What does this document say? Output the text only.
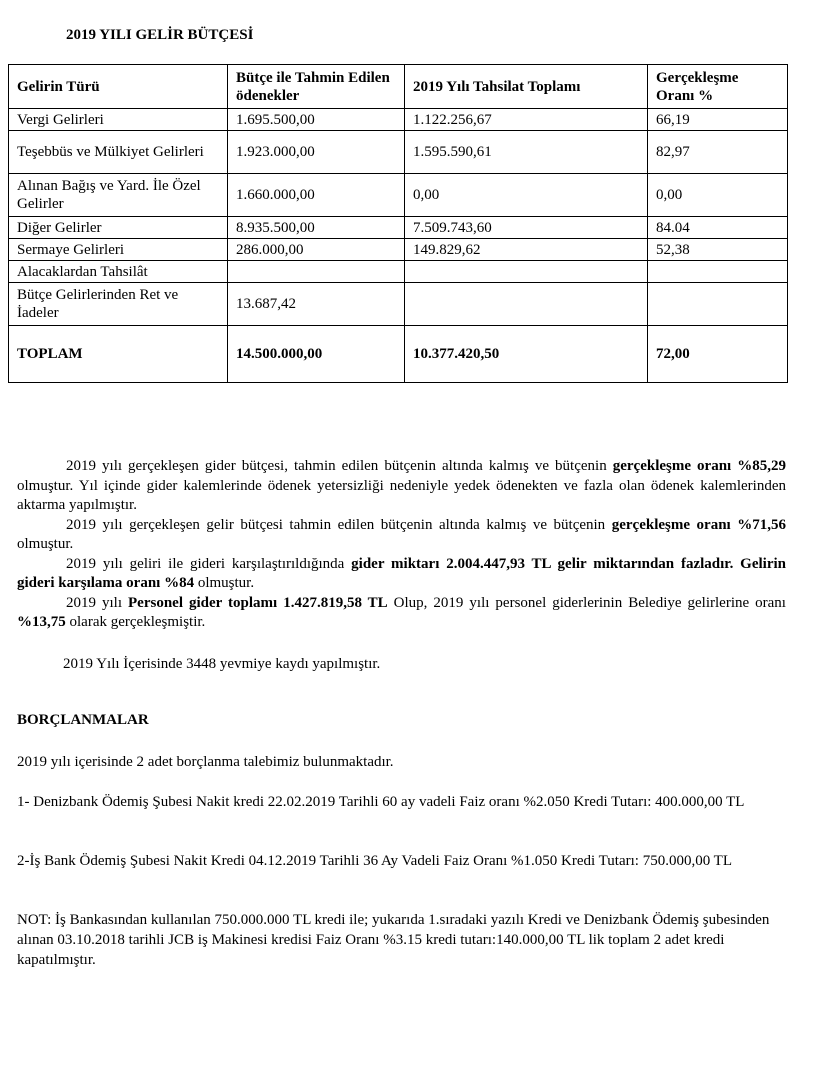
2019 YILI GELİR BÜTÇESİ
Gelirin Türü	Bütçe ile Tahmin Edilen ödenekler	2019 Yılı Tahsilat Toplamı	Gerçekleşme Oranı %
Vergi Gelirleri	1.695.500,00	1.122.256,67	66,19
Teşebbüs ve Mülkiyet Gelirleri	1.923.000,00	1.595.590,61	82,97
Alınan Bağış ve Yard. İle Özel Gelirler	1.660.000,00	0,00	0,00
Diğer Gelirler	8.935.500,00	7.509.743,60	84.04
Sermaye Gelirleri	286.000,00	149.829,62	52,38
Alacaklardan Tahsilât			
Bütçe Gelirlerinden Ret ve İadeler	13.687,42		
TOPLAM	14.500.000,00	10.377.420,50	72,00
2019 yılı gerçekleşen gider bütçesi, tahmin edilen bütçenin altında kalmış ve bütçenin gerçekleşme oranı %85,29 olmuştur. Yıl içinde gider kalemlerinde ödenek yetersizliği nedeniyle yedek ödenekten ve fazla olan ödenek kalemlerinden aktarma yapılmıştır.
2019 yılı gerçekleşen gelir bütçesi tahmin edilen bütçenin altında kalmış ve bütçenin gerçekleşme oranı %71,56 olmuştur.
2019 yılı geliri ile gideri karşılaştırıldığında gider miktarı 2.004.447,93 TL gelir miktarından fazladır. Gelirin gideri karşılama oranı %84 olmuştur.
2019 yılı Personel gider toplamı 1.427.819,58 TL Olup, 2019 yılı personel giderlerinin Belediye gelirlerine oranı %13,75 olarak gerçekleşmiştir.
2019 Yılı İçerisinde 3448 yevmiye kaydı yapılmıştır.
BORÇLANMALAR
2019 yılı içerisinde 2 adet borçlanma talebimiz bulunmaktadır.
1- Denizbank Ödemiş Şubesi Nakit kredi 22.02.2019 Tarihli 60 ay vadeli Faiz oranı %2.050 Kredi Tutarı: 400.000,00 TL
2-İş Bank Ödemiş Şubesi Nakit Kredi 04.12.2019 Tarihli 36 Ay Vadeli Faiz Oranı %1.050 Kredi Tutarı: 750.000,00 TL
NOT: İş Bankasından kullanılan 750.000.000 TL kredi ile; yukarıda 1.sıradaki yazılı Kredi ve Denizbank Ödemiş şubesinden alınan 03.10.2018 tarihli JCB iş Makinesi kredisi Faiz Oranı %3.15 kredi tutarı:140.000,00 TL lik toplam 2 adet kredi kapatılmıştır.
